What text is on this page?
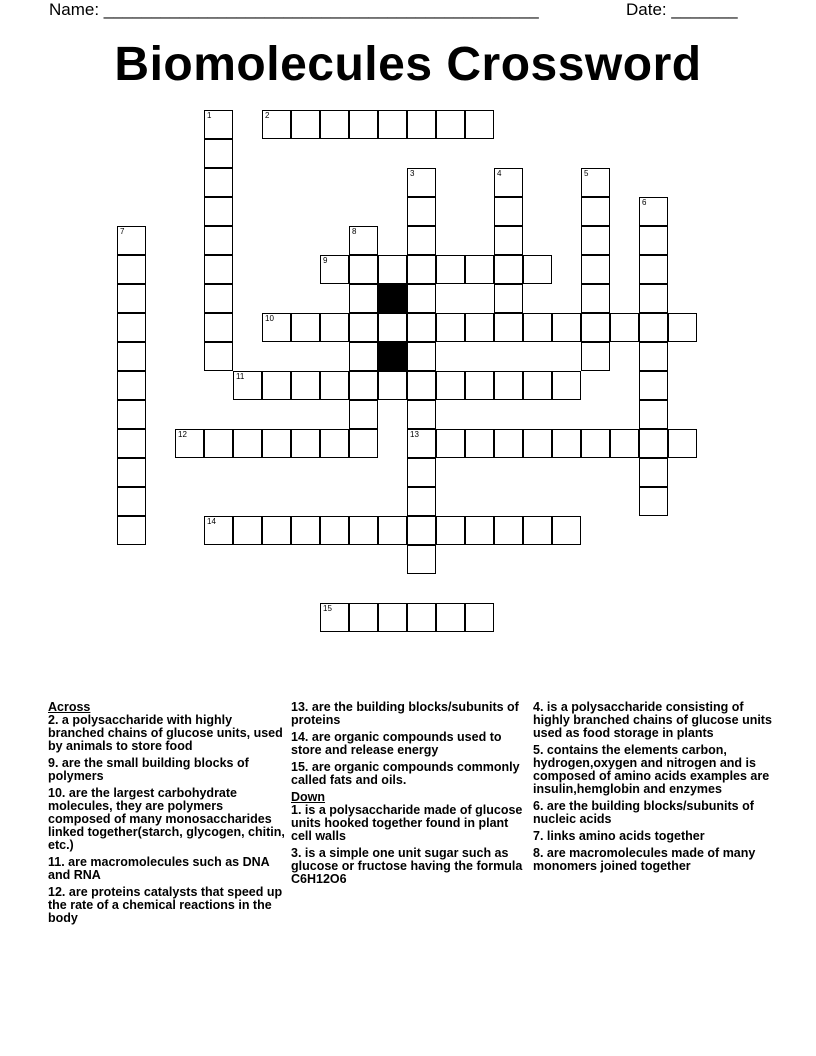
Name: ______________________________________________	Date: _______
Biomolecules Crossword
1	2
3
13
4	5
6
7	8
9
10
11
12
14
15
Across

2. a polysaccharide with highly branched chains of glucose units, used by animals to store food

9. are the small building blocks of polymers

10. are the largest carbohydrate molecules, they are polymers composed of many monosaccharides linked together(starch, glycogen, chitin, etc.)

11. are macromolecules such as DNA and RNA

12. are proteins catalysts that speed up the rate of a chemical reactions in the body

13. are the building blocks/subunits of proteins

14. are organic compounds used to store and release energy

15. are organic compounds commonly called fats and oils.

Down

1. is a polysaccharide made of glucose units hooked together found in plant cell walls

3. is a simple one unit sugar such as glucose or fructose having the formula C6H12O6

4. is a polysaccharide consisting of highly branched chains of glucose units used as food storage in plants

5. contains the elements carbon, hydrogen,oxygen and nitrogen and is composed of amino acids examples are insulin,hemglobin and enzymes

6. are the building blocks/subunits of nucleic acids

7. links amino acids together

8. are macromolecules made of many monomers joined together
